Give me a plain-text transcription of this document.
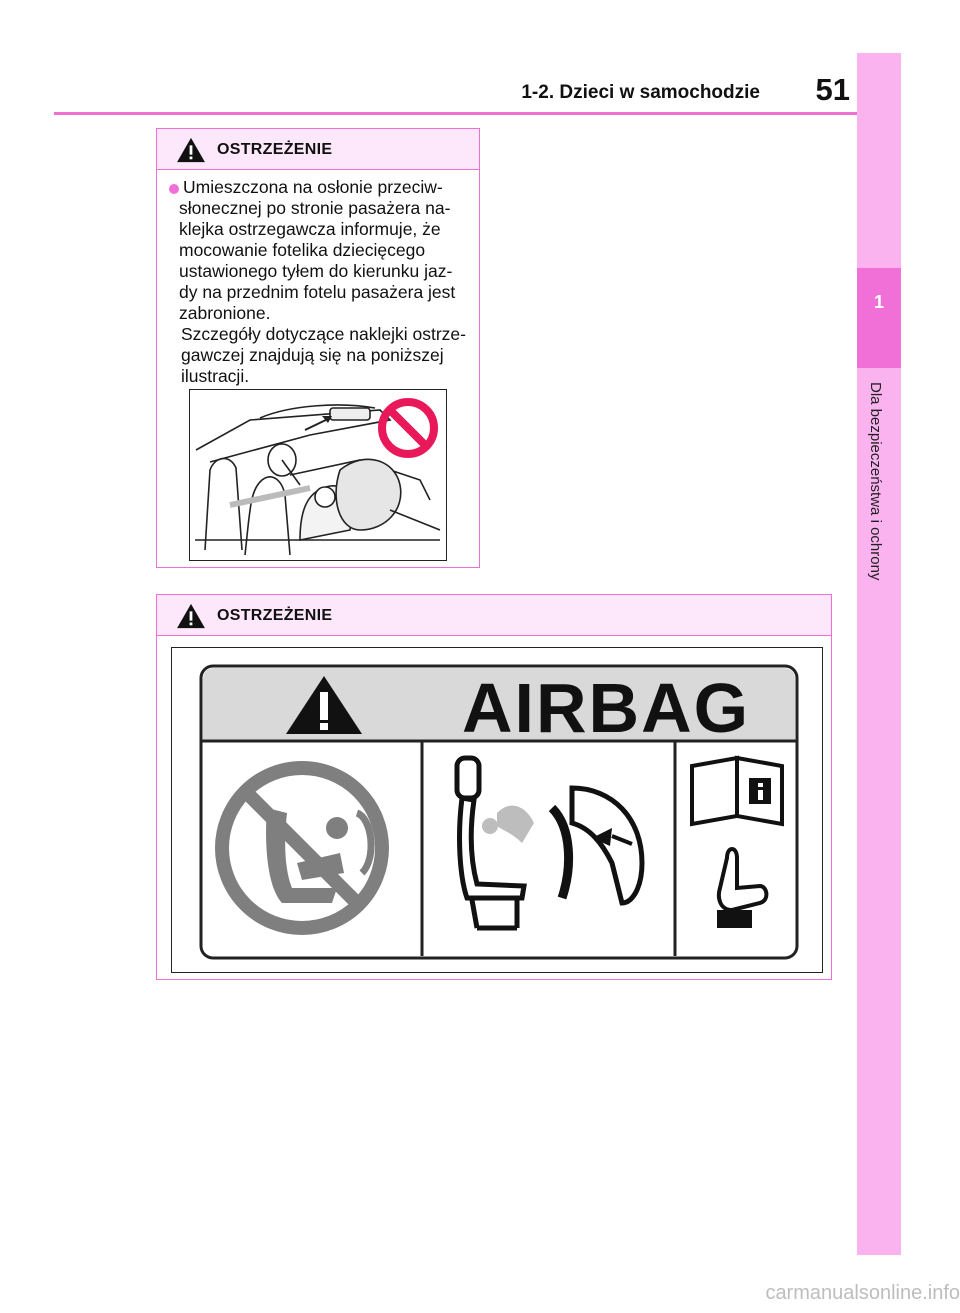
1-2. Dzieci w samochodzie	51
1
Dla bezpieczeństwa i ochrony
OSTRZEŻENIE
Umieszczona na osłonie przeciw-
słonecznej po stronie pasażera na-
klejka ostrzegawcza informuje, że
mocowanie fotelika dziecięcego
ustawionego tyłem do kierunku jaz-
dy na przednim fotelu pasażera jest
zabronione.
Szczegóły dotyczące naklejki ostrze-
gawczej znajdują się na poniższej
ilustracji.
OSTRZEŻENIE
AIRBAG
carmanualsonline.info
